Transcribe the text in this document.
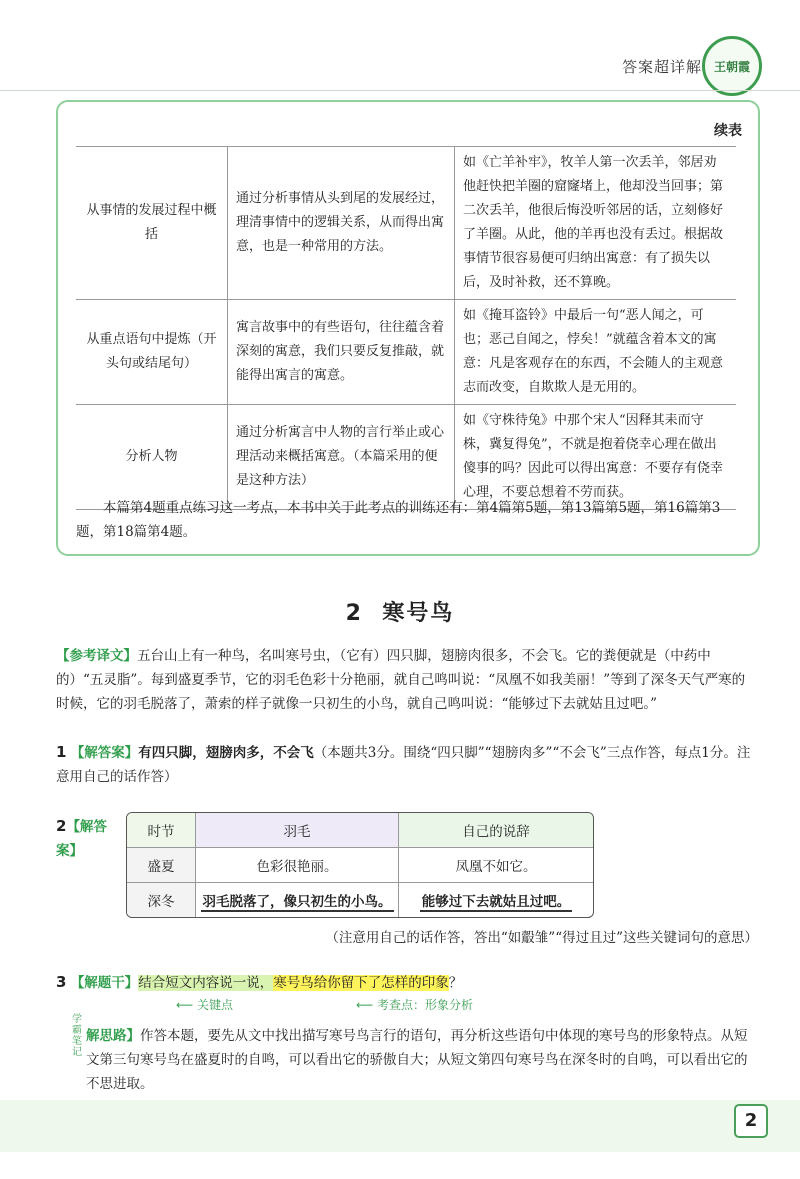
答案超详解 王朝霞
续表
从事情的发展过程中概括	通过分析事情从头到尾的发展经过，理清事情中的逻辑关系，从而得出寓意，也是一种常用的方法。	如《亡羊补牢》，牧羊人第一次丢羊，邻居劝他赶快把羊圈的窟窿堵上，他却没当回事；第二次丢羊，他很后悔没听邻居的话，立刻修好了羊圈。从此，他的羊再也没有丢过。根据故事情节很容易便可归纳出寓意：有了损失以后，及时补救，还不算晚。
从重点语句中提炼（开头句或结尾句）	寓言故事中的有些语句，往往蕴含着深刻的寓意，我们只要反复推敲，就能得出寓言的寓意。	如《掩耳盗铃》中最后一句“恶人闻之，可也；恶己自闻之，悖矣！”就蕴含着本文的寓意：凡是客观存在的东西，不会随人的主观意志而改变，自欺欺人是无用的。
分析人物	通过分析寓言中人物的言行举止或心理活动来概括寓意。（本篇采用的便是这种方法）	如《守株待兔》中那个宋人“因释其耒而守株，冀复得兔”，不就是抱着侥幸心理在做出傻事的吗？因此可以得出寓意：不要存有侥幸心理，不要总想着不劳而获。
本篇第4题重点练习这一考点，本书中关于此考点的训练还有：第4篇第5题，第13篇第5题，第16篇第3题，第18篇第4题。
2 寒号鸟
【参考译文】五台山上有一种鸟，名叫寒号虫，（它有）四只脚，翅膀肉很多，不会飞。它的粪便就是（中药中的）“五灵脂”。每到盛夏季节，它的羽毛色彩十分艳丽，就自己鸣叫说：“凤凰不如我美丽！”等到了深冬天气严寒的时候，它的羽毛脱落了，萧索的样子就像一只初生的小鸟，就自己鸣叫说：“能够过下去就姑且过吧。”
1 【解答案】有四只脚，翅膀肉多，不会飞（本题共3分。围绕“四只脚”“翅膀肉多”“不会飞”三点作答，每点1分。注意用自己的话作答）
2【解答案】
时节	羽毛	自己的说辞
盛夏	色彩很艳丽。	凤凰不如它。
深冬	羽毛脱落了，像只初生的小鸟。	能够过下去就姑且过吧。
（注意用自己的话作答，答出“如鷇雏”“得过且过”这些关键词句的意思）
3 【解题干】结合短文内容说一说，寒号鸟给你留下了怎样的印象？
⟵ 关键点	⟵ 考查点：形象分析
学霸笔记
解思路】作答本题，要先从文中找出描写寒号鸟言行的语句，再分析这些语句中体现的寒号鸟的形象特点。从短文第三句寒号鸟在盛夏时的自鸣，可以看出它的骄傲自大；从短文第四句寒号鸟在深冬时的自鸣，可以看出它的不思进取。
2
